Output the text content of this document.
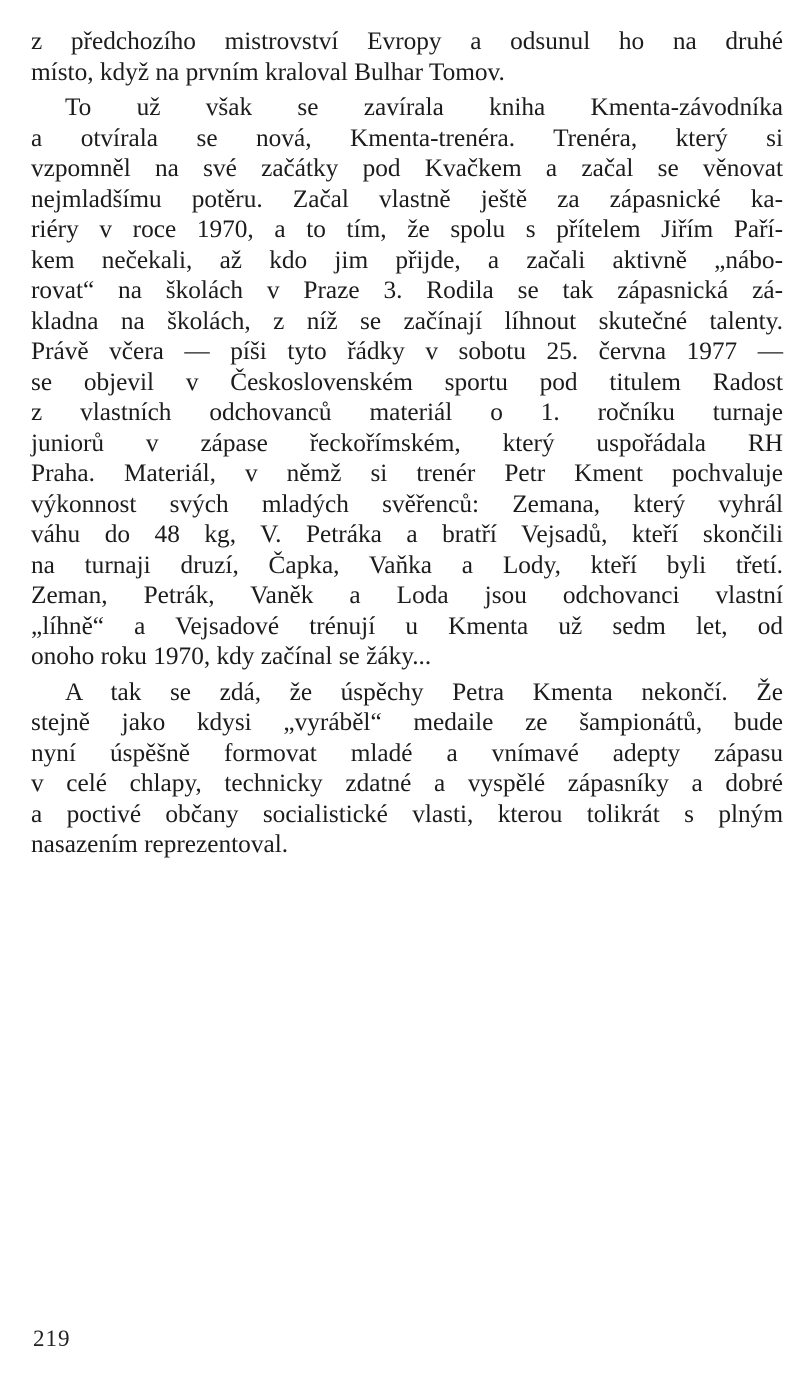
z předchozího mistrovství Evropy a odsunul ho na druhé
místo, když na prvním kraloval Bulhar Tomov.
To už však se zavírala kniha Kmenta-závodníka
a otvírala se nová, Kmenta-trenéra. Trenéra, který si
vzpomněl na své začátky pod Kvačkem a začal se věnovat
nejmladšímu potěru. Začal vlastně ještě za zápasnické ka-
riéry v roce 1970, a to tím, že spolu s přítelem Jiřím Paří-
kem nečekali, až kdo jim přijde, a začali aktivně „nábo-
rovat“ na školách v Praze 3. Rodila se tak zápasnická zá-
kladna na školách, z níž se začínají líhnout skutečné talenty.
Právě včera — píši tyto řádky v sobotu 25. června 1977 —
se objevil v Československém sportu pod titulem Radost
z vlastních odchovanců materiál o 1. ročníku turnaje
juniorů v zápase řeckořímském, který uspořádala RH
Praha. Materiál, v němž si trenér Petr Kment pochvaluje
výkonnost svých mladých svěřenců: Zemana, který vyhrál
váhu do 48 kg, V. Petráka a bratří Vejsadů, kteří skončili
na turnaji druzí, Čapka, Vaňka a Lody, kteří byli třetí.
Zeman, Petrák, Vaněk a Loda jsou odchovanci vlastní
„líhně“ a Vejsadové trénují u Kmenta už sedm let, od
onoho roku 1970, kdy začínal se žáky...
A tak se zdá, že úspěchy Petra Kmenta nekončí. Že
stejně jako kdysi „vyráběl“ medaile ze šampionátů, bude
nyní úspěšně formovat mladé a vnímavé adepty zápasu
v celé chlapy, technicky zdatné a vyspělé zápasníky a dobré
a poctivé občany socialistické vlasti, kterou tolikrát s plným
nasazením reprezentoval.
219
